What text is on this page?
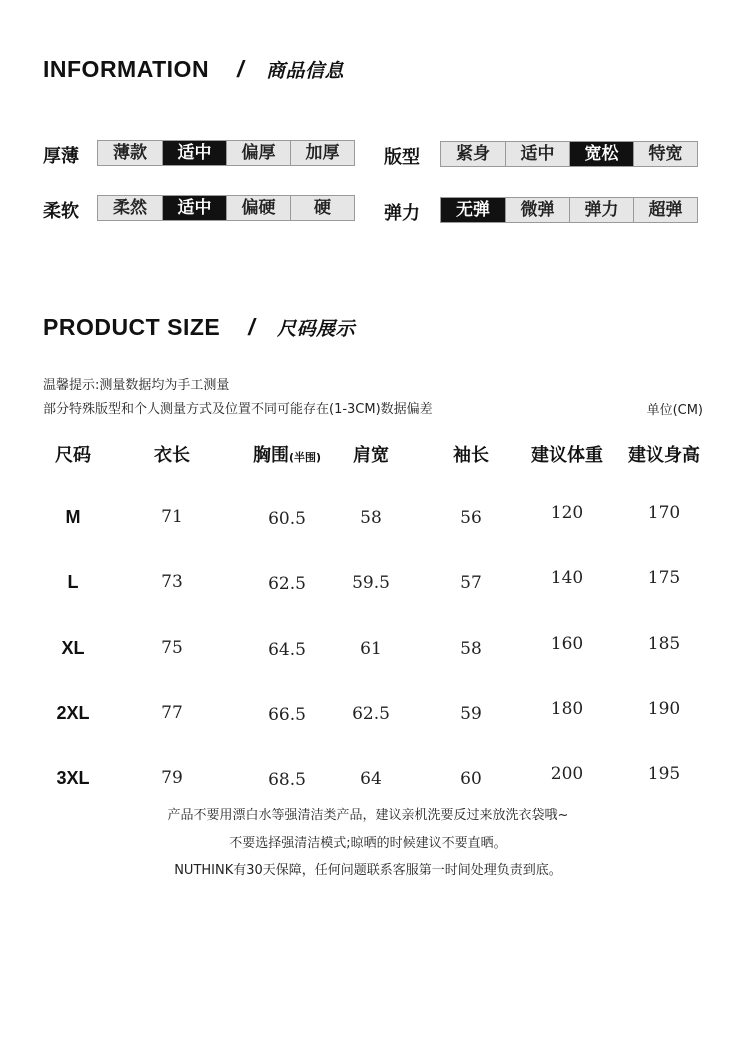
INFORMATION / 商品信息
厚薄	薄款	适中	偏厚	加厚	版型	紧身	适中	宽松	特宽
柔软	柔然	适中	偏硬	硬	弹力	无弹	微弹	弹力	超弹
PRODUCT SIZE / 尺码展示
温馨提示:测量数据均为手工测量
部分特殊版型和个人测量方式及位置不同可能存在(1-3CM)数据偏差	单位(CM)
尺码	衣长	胸围(半围)	肩宽	袖长	建议体重	建议身高
M	71	60.5	58	56	120	170
L	73	62.5	59.5	57	140	175
XL	75	64.5	61	58	160	185
2XL	77	66.5	62.5	59	180	190
3XL	79	68.5	64	60	200	195
产品不要用漂白水等强清洁类产品，建议亲机洗要反过来放洗衣袋哦~
不要选择强清洁模式;晾晒的时候建议不要直晒。
NUTHINK有30天保障，任何问题联系客服第一时间处理负责到底。
